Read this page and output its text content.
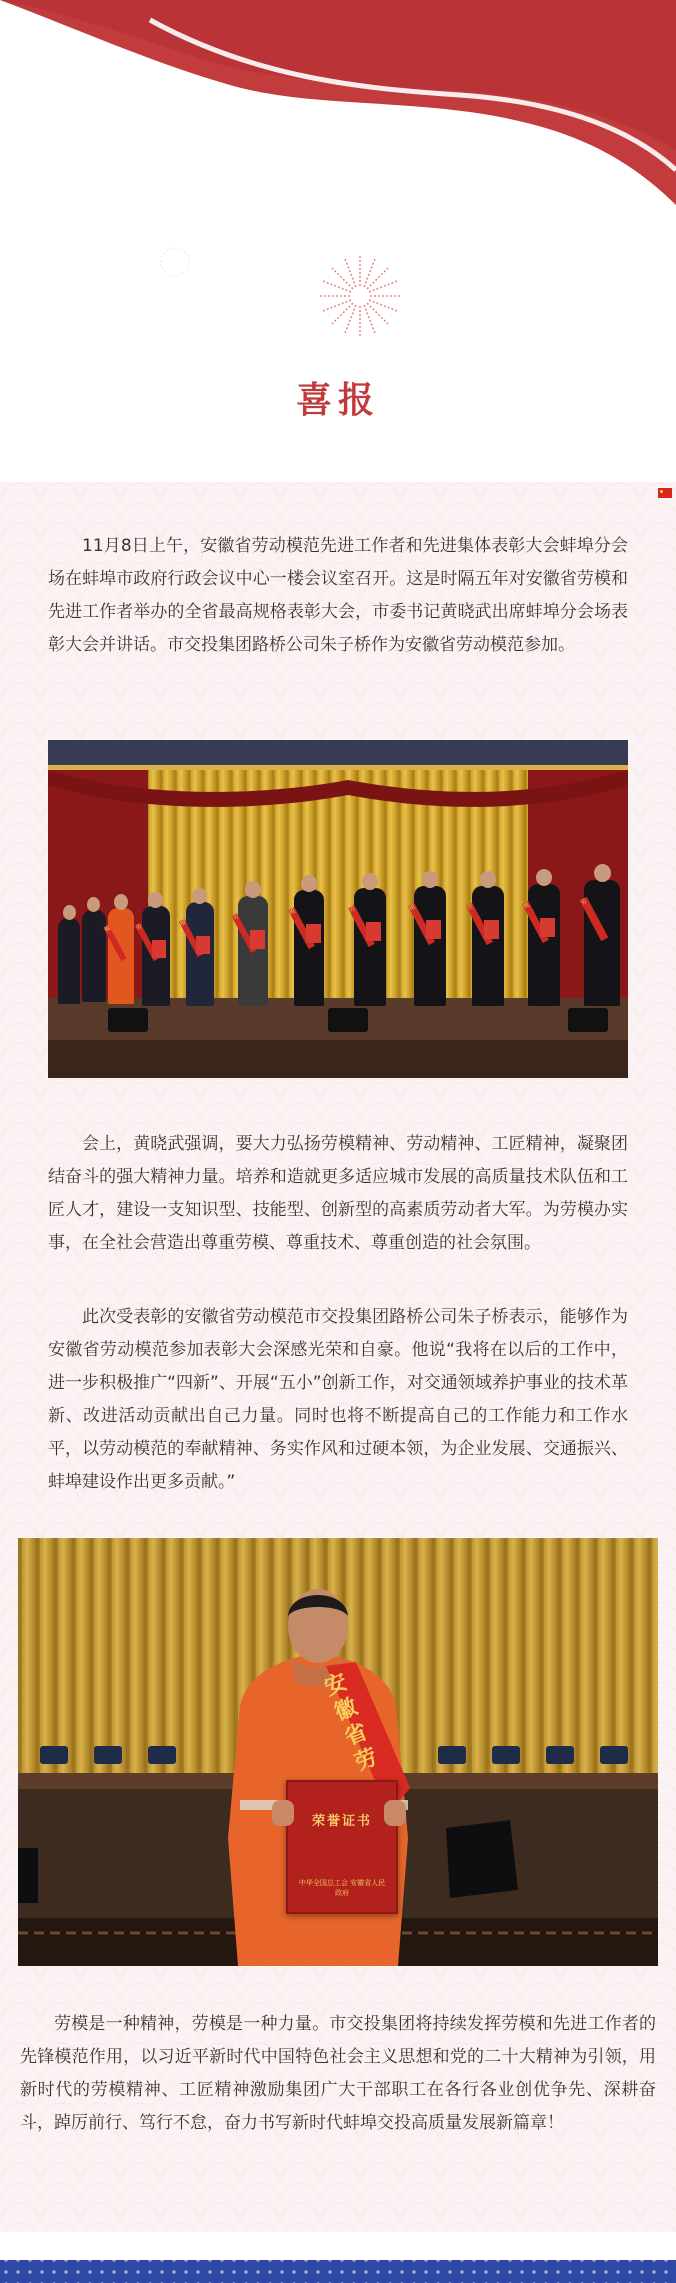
喜报

11月8日上午，安徽省劳动模范先进工作者和先进集体表彰大会蚌埠分会场在蚌埠市政府行政会议中心一楼会议室召开。这是时隔五年对安徽省劳模和先进工作者举办的全省最高规格表彰大会，市委书记黄晓武出席蚌埠分会场表彰大会并讲话。市交投集团路桥公司朱子桥作为安徽省劳动模范参加。

劳	模
劳
模	劳	模	劳	模	劳
模

会上，黄晓武强调，要大力弘扬劳模精神、劳动精神、工匠精神，凝聚团结奋斗的强大精神力量。培养和造就更多适应城市发展的高质量技术队伍和工匠人才，建设一支知识型、技能型、创新型的高素质劳动者大军。为劳模办实事，在全社会营造出尊重劳模、尊重技术、尊重创造的社会氛围。

此次受表彰的安徽省劳动模范市交投集团路桥公司朱子桥表示，能够作为安徽省劳动模范参加表彰大会深感光荣和自豪。他说“我将在以后的工作中，进一步积极推广“四新”、开展“五小”创新工作，对交通领域养护事业的技术革新、改进活动贡献出自己力量。同时也将不断提高自己的工作能力和工作水平，以劳动模范的奉献精神、务实作风和过硬本领，为企业发展、交通振兴、蚌埠建设作出更多贡献。”

安徽省劳
荣誉证书
中华全国总工会 安徽省人民政府

劳模是一种精神，劳模是一种力量。市交投集团将持续发挥劳模和先进工作者的先锋模范作用，以习近平新时代中国特色社会主义思想和党的二十大精神为引领，用新时代的劳模精神、工匠精神激励集团广大干部职工在各行各业创优争先、深耕奋斗，踔厉前行、笃行不怠，奋力书写新时代蚌埠交投高质量发展新篇章！
